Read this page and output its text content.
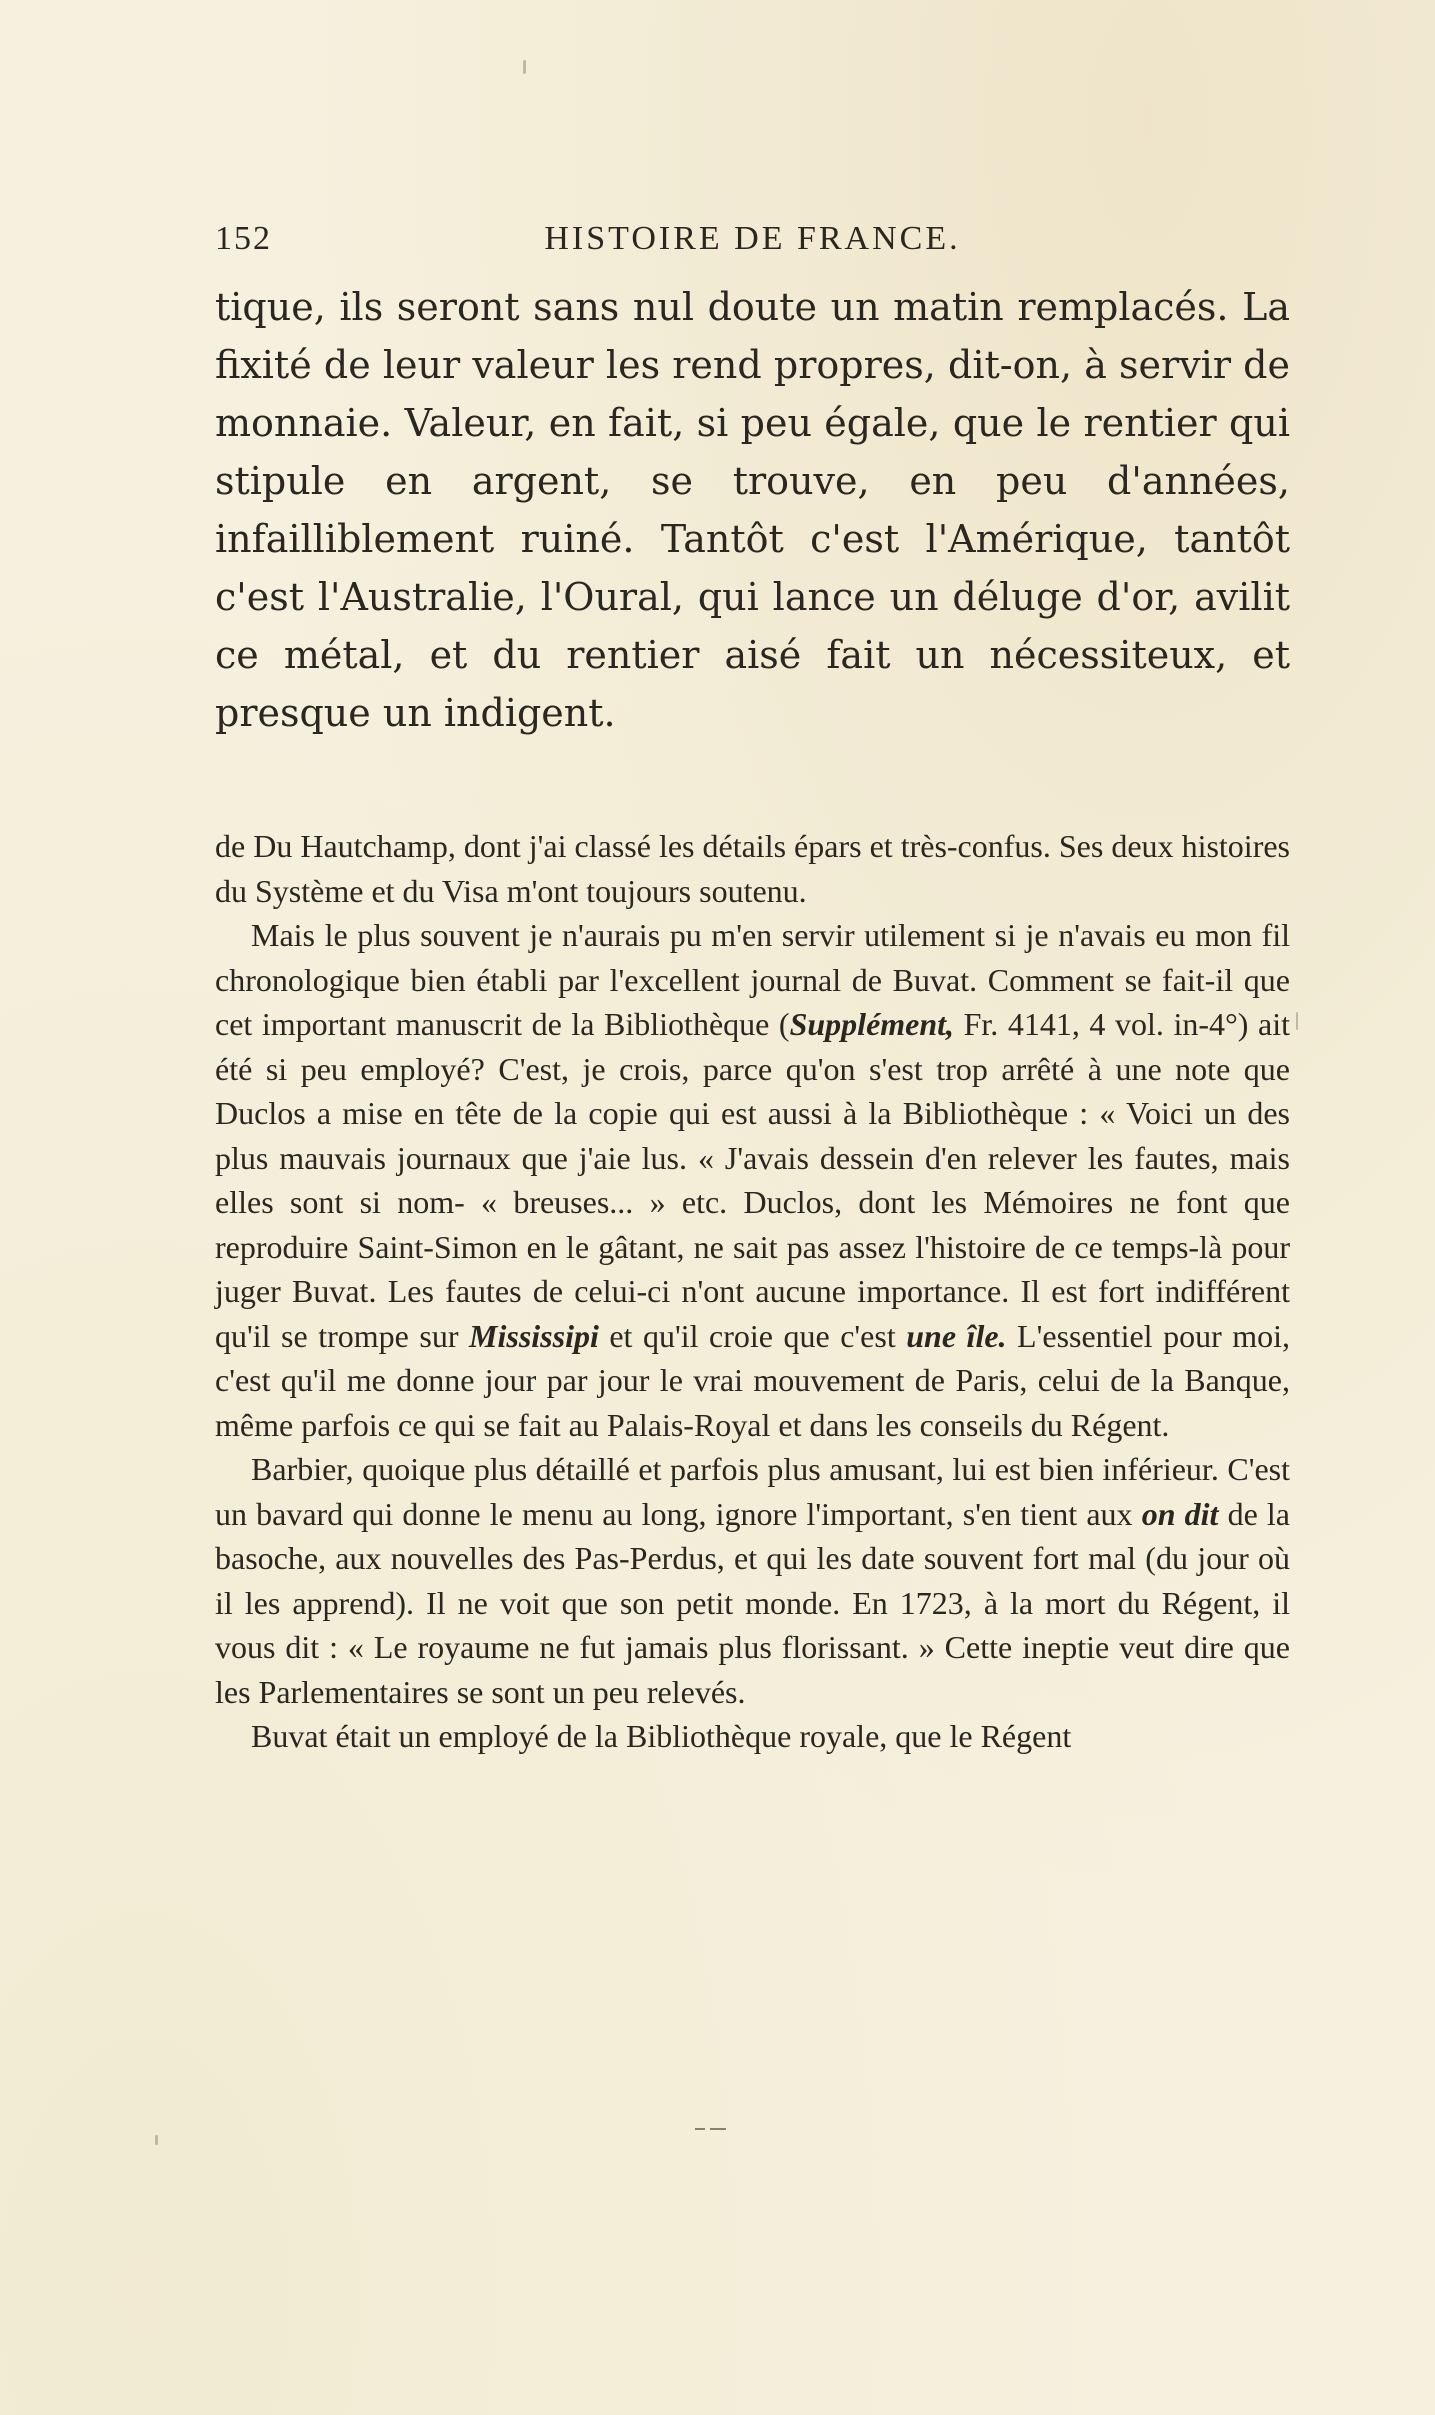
152	HISTOIRE DE FRANCE.

tique, ils seront sans nul doute un matin remplacés. La fixité de leur valeur les rend propres, dit-on, à servir de monnaie. Valeur, en fait, si peu égale, que le rentier qui stipule en argent, se trouve, en peu d'années, infailliblement ruiné. Tantôt c'est l'Amérique, tantôt c'est l'Australie, l'Oural, qui lance un déluge d'or, avilit ce métal, et du rentier aisé fait un nécessiteux, et presque un indigent.

de Du Hautchamp, dont j'ai classé les détails épars et très-confus. Ses deux histoires du Système et du Visa m'ont toujours soutenu.

Mais le plus souvent je n'aurais pu m'en servir utilement si je n'avais eu mon fil chronologique bien établi par l'excellent journal de Buvat. Comment se fait-il que cet important manuscrit de la Bibliothèque (Supplément, Fr. 4141, 4 vol. in-4°) ait été si peu employé? C'est, je crois, parce qu'on s'est trop arrêté à une note que Duclos a mise en tête de la copie qui est aussi à la Bibliothèque : « Voici un des plus mauvais journaux que j'aie lus. « J'avais dessein d'en relever les fautes, mais elles sont si nom- « breuses... » etc. Duclos, dont les Mémoires ne font que reproduire Saint-Simon en le gâtant, ne sait pas assez l'histoire de ce temps-là pour juger Buvat. Les fautes de celui-ci n'ont aucune importance. Il est fort indifférent qu'il se trompe sur Mississipi et qu'il croie que c'est une île. L'essentiel pour moi, c'est qu'il me donne jour par jour le vrai mouvement de Paris, celui de la Banque, même parfois ce qui se fait au Palais-Royal et dans les conseils du Régent.

Barbier, quoique plus détaillé et parfois plus amusant, lui est bien inférieur. C'est un bavard qui donne le menu au long, ignore l'important, s'en tient aux on dit de la basoche, aux nouvelles des Pas-Perdus, et qui les date souvent fort mal (du jour où il les apprend). Il ne voit que son petit monde. En 1723, à la mort du Régent, il vous dit : « Le royaume ne fut jamais plus florissant. » Cette ineptie veut dire que les Parlementaires se sont un peu relevés.

Buvat était un employé de la Bibliothèque royale, que le Régent
